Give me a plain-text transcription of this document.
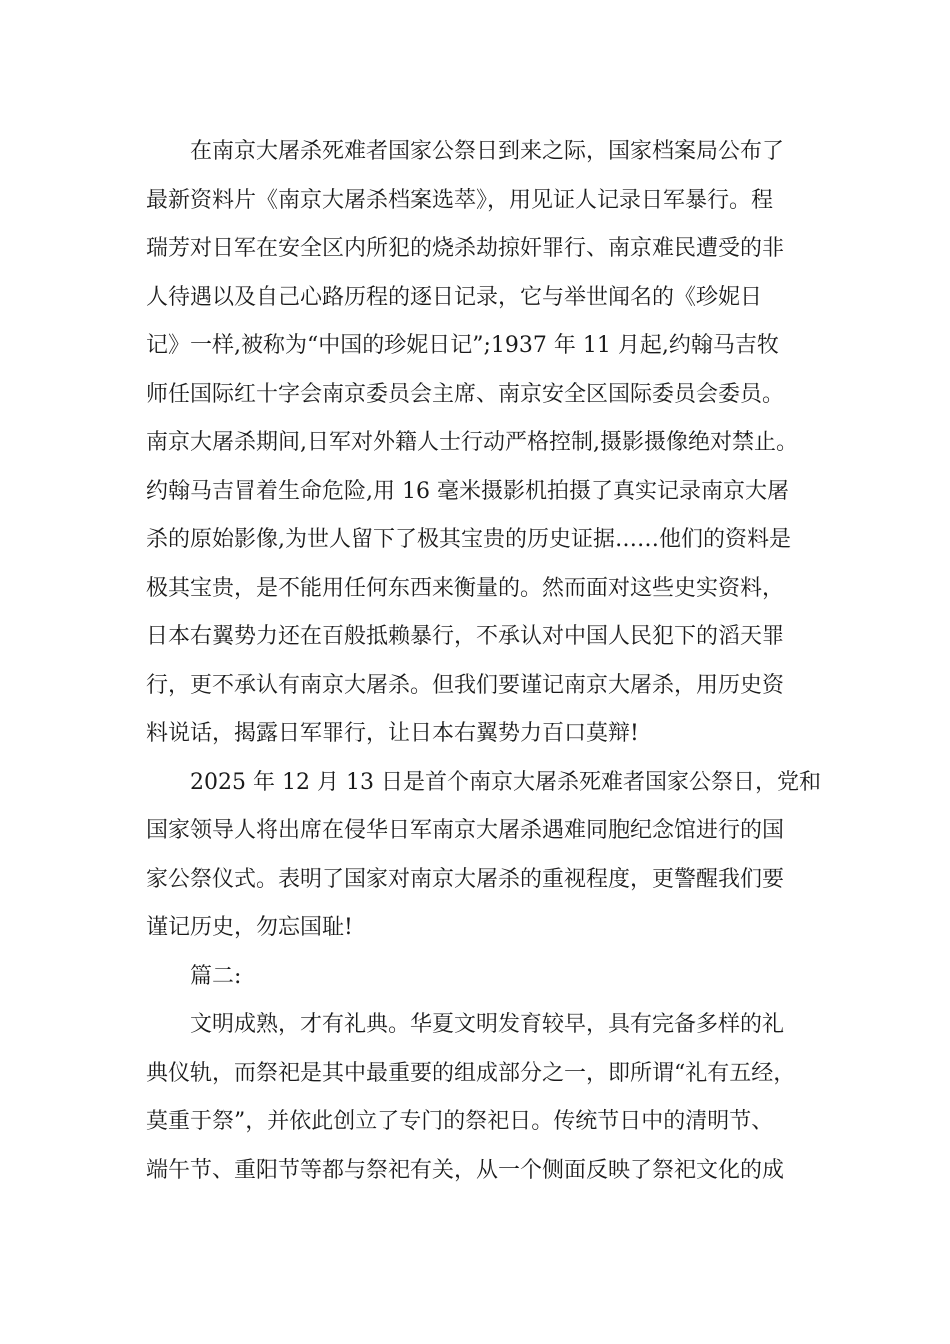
在南京大屠杀死难者国家公祭日到来之际，国家档案局公布了
最新资料片《南京大屠杀档案选萃》，用见证人记录日军暴行。程
瑞芳对日军在安全区内所犯的烧杀劫掠奸罪行、南京难民遭受的非
人待遇以及自己心路历程的逐日记录，它与举世闻名的《珍妮日
记》一样,被称为“中国的珍妮日记”;1937 年 11 月起,约翰马吉牧
师任国际红十字会南京委员会主席、南京安全区国际委员会委员。
南京大屠杀期间,日军对外籍人士行动严格控制,摄影摄像绝对禁止。
约翰马吉冒着生命危险,用 16 毫米摄影机拍摄了真实记录南京大屠
杀的原始影像,为世人留下了极其宝贵的历史证据……他们的资料是
极其宝贵，是不能用任何东西来衡量的。然而面对这些史实资料，
日本右翼势力还在百般抵赖暴行，不承认对中国人民犯下的滔天罪
行，更不承认有南京大屠杀。但我们要谨记南京大屠杀，用历史资
料说话，揭露日军罪行，让日本右翼势力百口莫辩!
2025 年 12 月 13 日是首个南京大屠杀死难者国家公祭日，党和
国家领导人将出席在侵华日军南京大屠杀遇难同胞纪念馆进行的国
家公祭仪式。表明了国家对南京大屠杀的重视程度，更警醒我们要
谨记历史，勿忘国耻!
篇二:
文明成熟，才有礼典。华夏文明发育较早，具有完备多样的礼
典仪轨，而祭祀是其中最重要的组成部分之一，即所谓“礼有五经，
莫重于祭”，并依此创立了专门的祭祀日。传统节日中的清明节、
端午节、重阳节等都与祭祀有关，从一个侧面反映了祭祀文化的成
